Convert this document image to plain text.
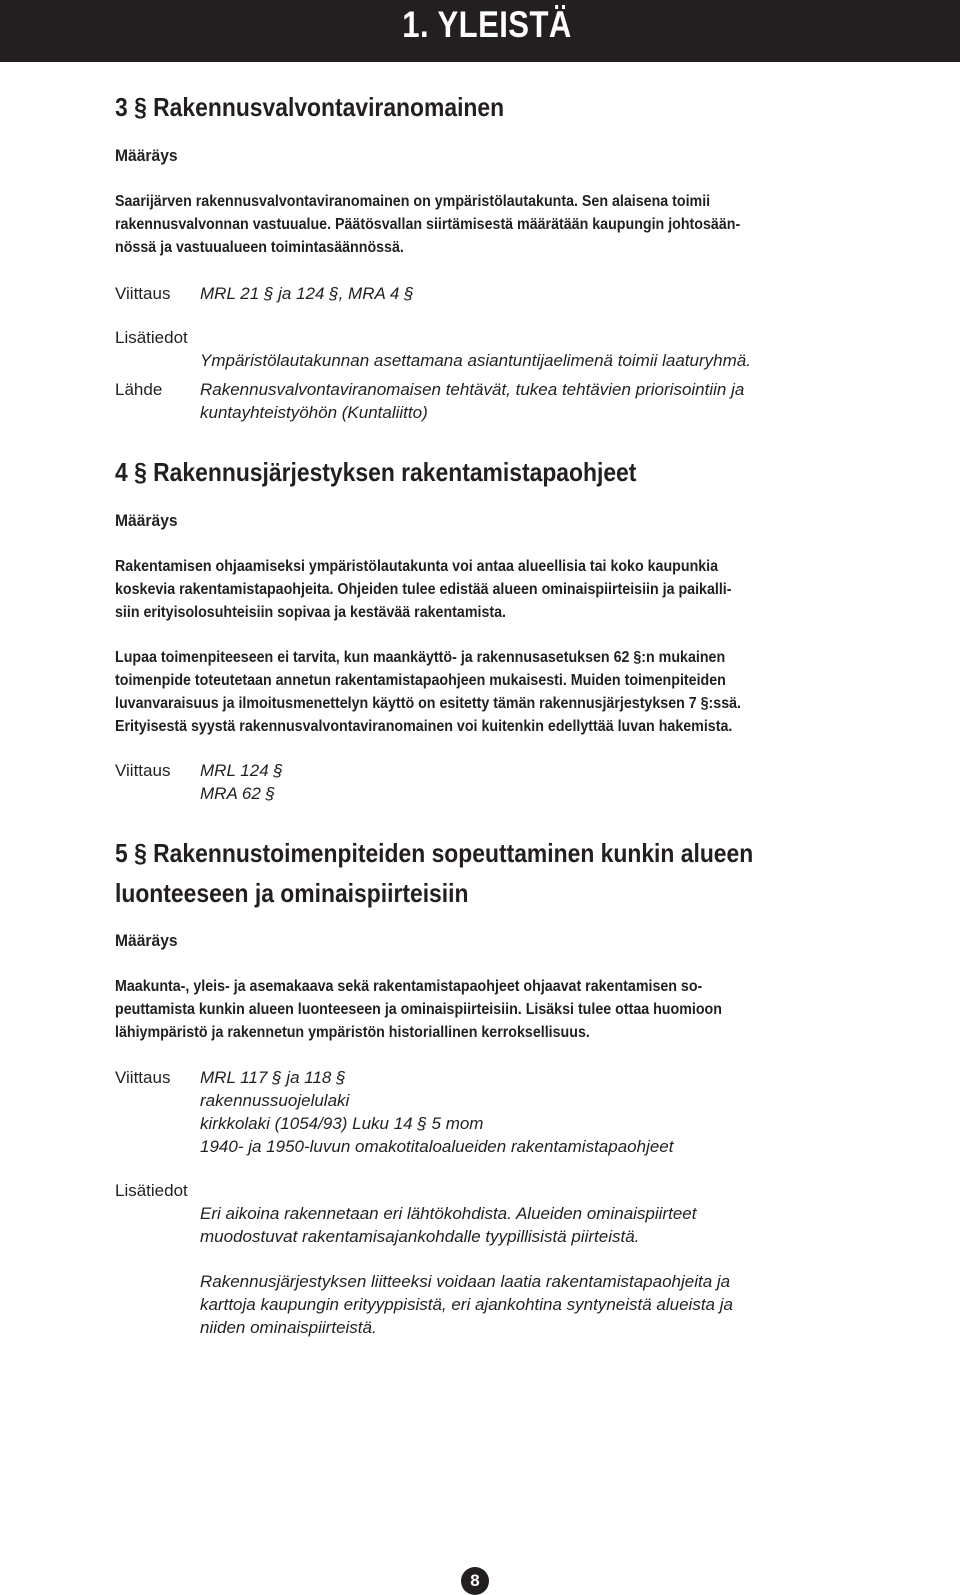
1. YLEISTÄ
3 § Rakennusvalvontaviranomainen
Määräys
Saarijärven rakennusvalvontaviranomainen on ympäristölautakunta. Sen alaisena toimii
rakennusvalvonnan vastuualue. Päätösvallan siirtämisestä määrätään kaupungin johtosään-
nössä ja vastuualueen toimintasäännössä.
Viittaus MRL 21 § ja 124 §, MRA 4 §
Lisätiedot
Ympäristölautakunnan asettamana asiantuntijaelimenä toimii laaturyhmä.
Lähde Rakennusvalvontaviranomaisen tehtävät, tukea tehtävien priorisointiin ja
kuntayhteistyöhön (Kuntaliitto)
4 § Rakennusjärjestyksen rakentamistapaohjeet
Määräys
Rakentamisen ohjaamiseksi ympäristölautakunta voi antaa alueellisia tai koko kaupunkia
koskevia rakentamistapaohjeita. Ohjeiden tulee edistää alueen ominaispiirteisiin ja paikalli-
siin erityisolosuhteisiin sopivaa ja kestävää rakentamista.
Lupaa toimenpiteeseen ei tarvita, kun maankäyttö- ja rakennusasetuksen 62 §:n mukainen
toimenpide toteutetaan annetun rakentamistapaohjeen mukaisesti. Muiden toimenpiteiden
luvanvaraisuus ja ilmoitusmenettelyn käyttö on esitetty tämän rakennusjärjestyksen 7 §:ssä.
Erityisestä syystä rakennusvalvontaviranomainen voi kuitenkin edellyttää luvan hakemista.
Viittaus MRL 124 §
MRA 62 §
5 § Rakennustoimenpiteiden sopeuttaminen kunkin alueen
luonteeseen ja ominaispiirteisiin
Määräys
Maakunta-, yleis- ja asemakaava sekä rakentamistapaohjeet ohjaavat rakentamisen so-
peuttamista kunkin alueen luonteeseen ja ominaispiirteisiin. Lisäksi tulee ottaa huomioon
lähiympäristö ja rakennetun ympäristön historiallinen kerroksellisuus.
Viittaus MRL 117 § ja 118 §
rakennussuojelulaki
kirkkolaki (1054/93) Luku 14 § 5 mom
1940- ja 1950-luvun omakotitaloalueiden rakentamistapaohjeet
Lisätiedot
Eri aikoina rakennetaan eri lähtökohdista. Alueiden ominaispiirteet
muodostuvat rakentamisajankohdalle tyypillisistä piirteistä.
Rakennusjärjestyksen liitteeksi voidaan laatia rakentamistapaohjeita ja
karttoja kaupungin erityyppisistä, eri ajankohtina syntyneistä alueista ja
niiden ominaispiirteistä.
8
